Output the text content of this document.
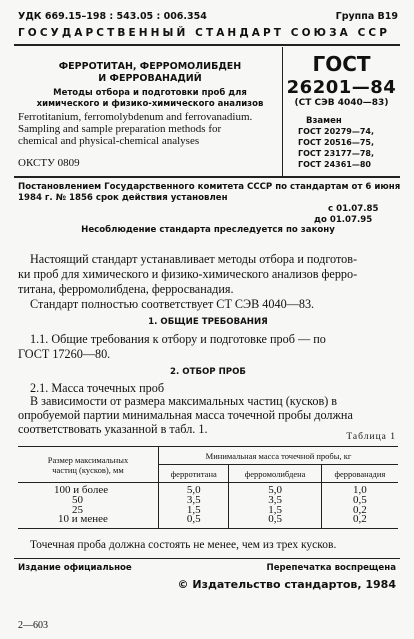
УДК 669.15–198 : 543.05 : 006.354	Группа В19
ГОСУДАРСТВЕННЫЙ СТАНДАРТ СОЮЗА ССР
ФЕРРОТИТАН, ФЕРРОМОЛИБДЕН
И ФЕРРОВАНАДИЙ
Методы отбора и подготовки проб для
химического и физико-химического анализов
Ferrotitanium, ferromolybdenum and ferrovanadium.
Sampling and sample preparation methods for
chemical and physical-chemical analyses
ОКСТУ 0809
ГОСТ
26201—84
(СТ СЭВ 4040—83)
Взамен
ГОСТ 20279—74,
ГОСТ 20516—75,
ГОСТ 23177—78,
ГОСТ 24361—80
Постановлением Государственного комитета СССР по стандартам от 6 июня
1984 г. № 1856 срок действия установлен
с 01.07.85
до 01.07.95
Несоблюдение стандарта преследуется по закону
Настоящий стандарт устанавливает методы отбора и подготов-
ки проб для химического и физико-химического анализов ферро-
титана, ферромолибдена, ферросванадия.
Стандарт полностью соответствует СТ СЭВ 4040—83.
1. ОБЩИЕ ТРЕБОВАНИЯ
1.1. Общие требования к отбору и подготовке проб — по
ГОСТ 17260—80.
2. ОТБОР ПРОБ
2.1. Масса точечных проб
В зависимости от размера максимальных частиц (кусков) в
опробуемой партии минимальная масса точечной пробы должна
соответствовать указанной в табл. 1.
Таблица 1
Размер максимальных
частиц (кусков), мм	Минимальная масса точечной пробы, кг		
	ферротитана	ферромолибдена	феррованадия
100 и более	5,0	5,0	1,0
50	3,5	3,5	0,5
25	1,5	1,5	0,2
10 и менее	0,5	0,5	0,2
Точечная проба должна состоять не менее, чем из трех кусков.
Издание официальное	Перепечатка воспрещена
© Издательство стандартов, 1984
2—603
